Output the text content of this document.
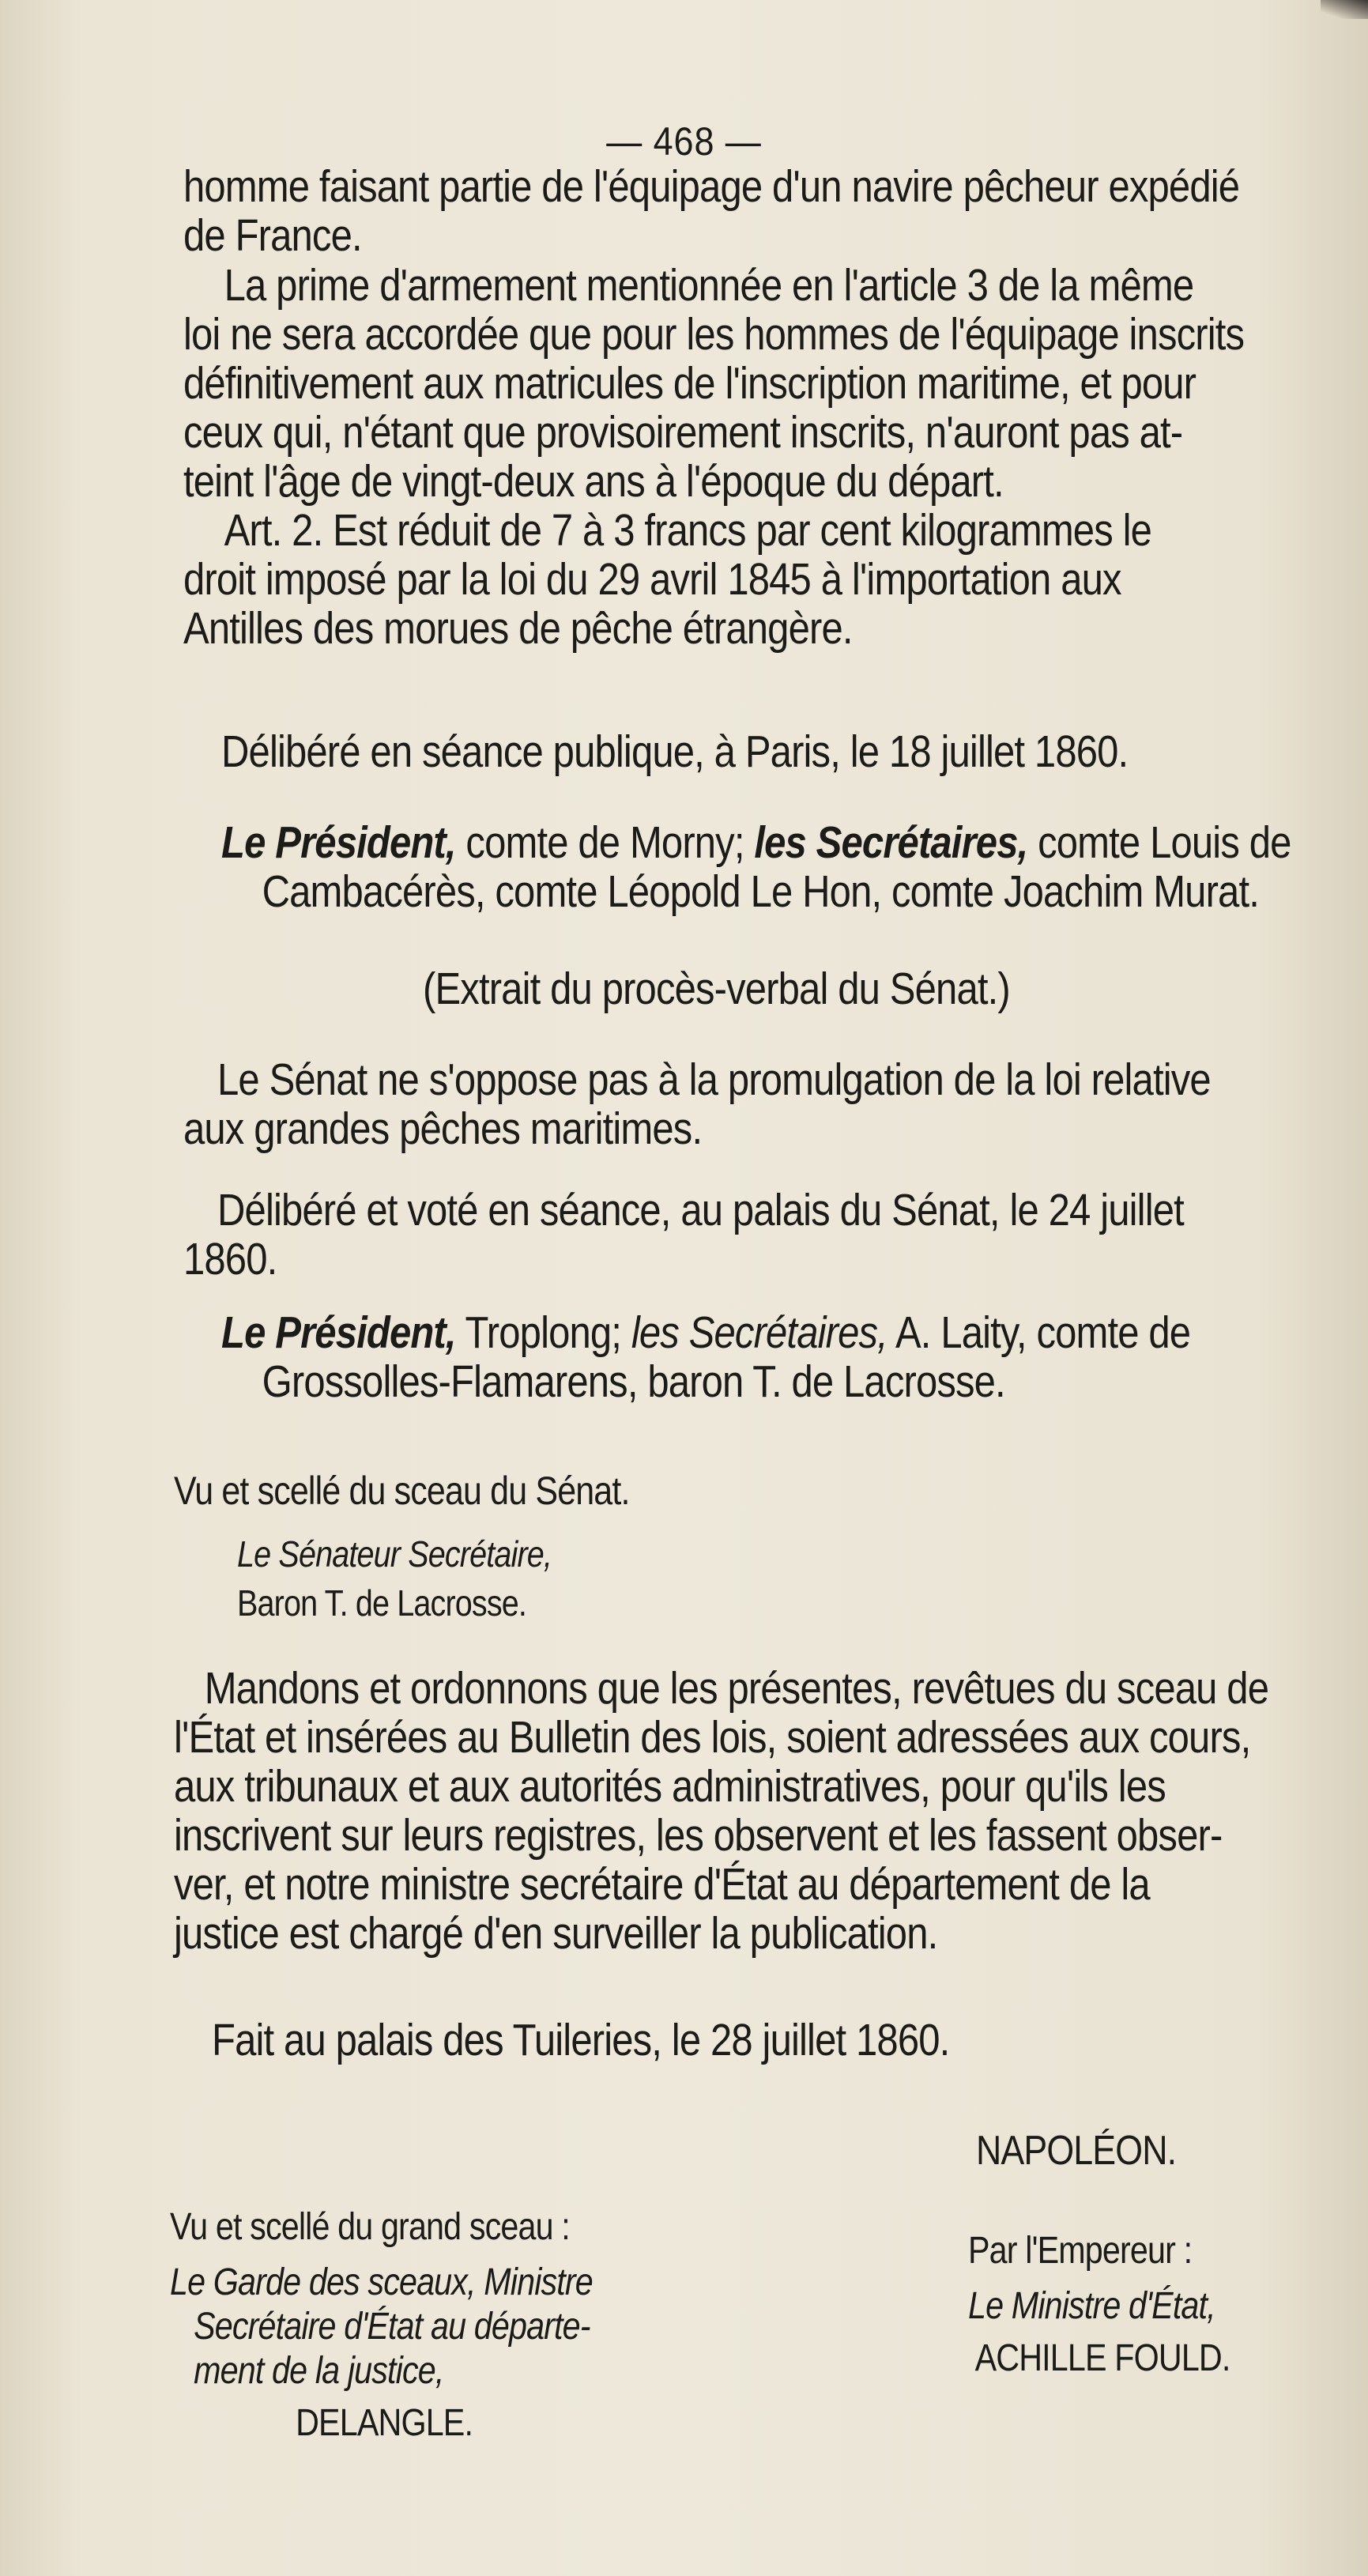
— 468 —
homme faisant partie de l'équipage d'un navire pêcheur expédié
de France.
La prime d'armement mentionnée en l'article 3 de la même
loi ne sera accordée que pour les hommes de l'équipage inscrits
définitivement aux matricules de l'inscription maritime, et pour
ceux qui, n'étant que provisoirement inscrits, n'auront pas at-
teint l'âge de vingt-deux ans à l'époque du départ.
Art. 2. Est réduit de 7 à 3 francs par cent kilogrammes le
droit imposé par la loi du 29 avril 1845 à l'importation aux
Antilles des morues de pêche étrangère.
Délibéré en séance publique, à Paris, le 18 juillet 1860.
Le Président, comte de Morny; les Secrétaires, comte Louis de
Cambacérès, comte Léopold Le Hon, comte Joachim Murat.
(Extrait du procès-verbal du Sénat.)
Le Sénat ne s'oppose pas à la promulgation de la loi relative
aux grandes pêches maritimes.
Délibéré et voté en séance, au palais du Sénat, le 24 juillet
1860.
Le Président, Troplong; les Secrétaires, A. Laity, comte de
Grossolles-Flamarens, baron T. de Lacrosse.
Vu et scellé du sceau du Sénat.
Le Sénateur Secrétaire,
Baron T. de Lacrosse.
Mandons et ordonnons que les présentes, revêtues du sceau de
l'État et insérées au Bulletin des lois, soient adressées aux cours,
aux tribunaux et aux autorités administratives, pour qu'ils les
inscrivent sur leurs registres, les observent et les fassent obser-
ver, et notre ministre secrétaire d'État au département de la
justice est chargé d'en surveiller la publication.
Fait au palais des Tuileries, le 28 juillet 1860.
NAPOLÉON.
Vu et scellé du grand sceau :
Le Garde des sceaux, Ministre
Secrétaire d'État au départe-
ment de la justice,
DELANGLE.
Par l'Empereur :
Le Ministre d'État,
ACHILLE FOULD.
